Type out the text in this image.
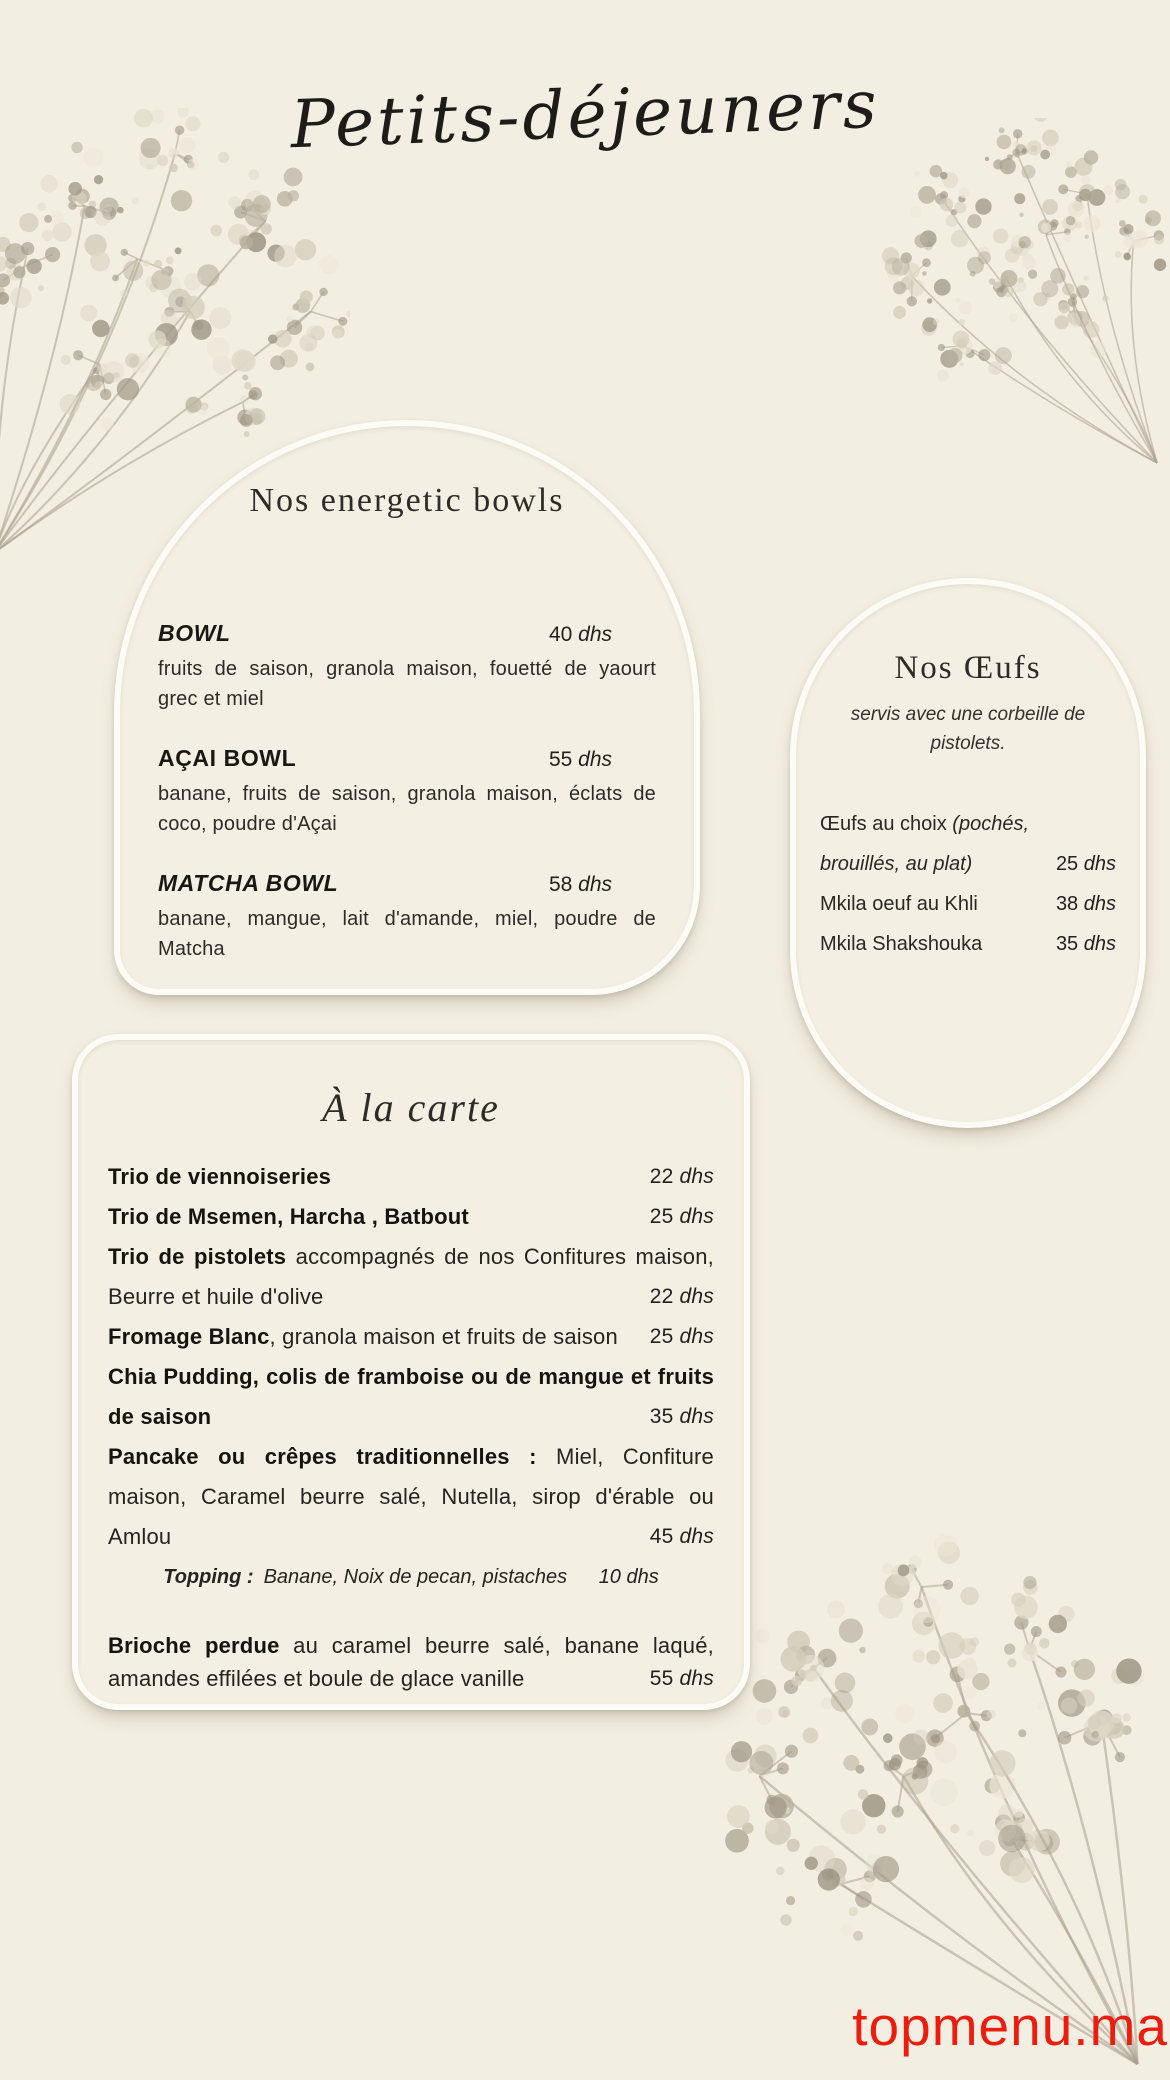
Petits-déjeuners
Nos energetic bowls
BOWL	40 dhs
fruits de saison, granola maison, fouetté de yaourt grec et miel
AÇAI BOWL	55 dhs
banane, fruits de saison, granola maison, éclats de coco, poudre d'Açai
MATCHA BOWL	58 dhs
banane, mangue, lait d'amande, miel, poudre de Matcha
Nos Œufs
servis avec une corbeille de pistolets.
Œufs au choix (pochés, brouillés, au plat)	25 dhs
Mkila oeuf au Khli	38 dhs
Mkila Shakshouka	35 dhs
À la carte
Trio de viennoiseries	22 dhs
Trio de Msemen, Harcha , Batbout	25 dhs
Trio de pistolets accompagnés de nos Confitures maison, Beurre et huile d'olive	22 dhs
Fromage Blanc, granola maison et fruits de saison 25 dhs
Chia Pudding, colis de framboise ou de mangue et fruits de saison	35 dhs
Pancake ou crêpes traditionnelles : Miel, Confiture maison, Caramel beurre salé, Nutella, sirop d'érable ou Amlou	45 dhs
Topping : Banane, Noix de pecan, pistaches 10 dhs
Brioche perdue au caramel beurre salé, banane laqué, amandes effilées et boule de glace vanille	55 dhs
topmenu.ma
